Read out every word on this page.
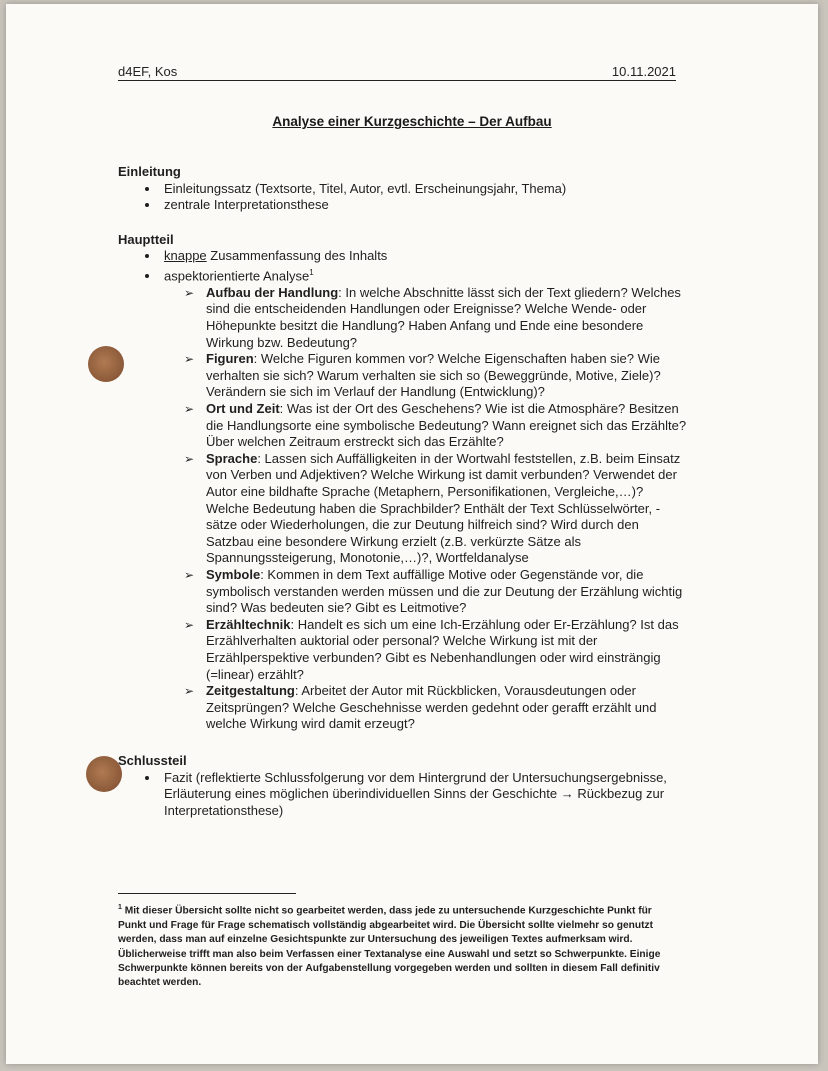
d4EF, Kos	10.11.2021
Analyse einer Kurzgeschichte – Der Aufbau

Einleitung

• Einleitungssatz (Textsorte, Titel, Autor, evtl. Erscheinungsjahr, Thema)
• zentrale Interpretationsthese

Hauptteil

• knappe Zusammenfassung des Inhalts
• aspektorientierte Analyse$^1$
➢ Aufbau der Handlung: In welche Abschnitte lässt sich der Text gliedern? Welches sind die entscheidenden Handlungen oder Ereignisse? Welche Wende- oder Höhepunkte besitzt die Handlung? Haben Anfang und Ende eine besondere Wirkung bzw. Bedeutung?
➢ Figuren: Welche Figuren kommen vor? Welche Eigenschaften haben sie? Wie verhalten sie sich? Warum verhalten sie sich so (Beweggründe, Motive, Ziele)? Verändern sie sich im Verlauf der Handlung (Entwicklung)?
➢ Ort und Zeit: Was ist der Ort des Geschehens? Wie ist die Atmosphäre? Besitzen die Handlungsorte eine symbolische Bedeutung? Wann ereignet sich das Erzählte? Über welchen Zeitraum erstreckt sich das Erzählte?
➢ Sprache: Lassen sich Auffälligkeiten in der Wortwahl feststellen, z.B. beim Einsatz von Verben und Adjektiven? Welche Wirkung ist damit verbunden? Verwendet der Autor eine bildhafte Sprache (Metaphern, Personifikationen, Vergleiche,…)? Welche Bedeutung haben die Sprachbilder? Enthält der Text Schlüsselwörter, -sätze oder Wiederholungen, die zur Deutung hilfreich sind? Wird durch den Satzbau eine besondere Wirkung erzielt (z.B. verkürzte Sätze als Spannungssteigerung, Monotonie,…)?, Wortfeldanalyse
➢ Symbole: Kommen in dem Text auffällige Motive oder Gegenstände vor, die symbolisch verstanden werden müssen und die zur Deutung der Erzählung wichtig sind? Was bedeuten sie? Gibt es Leitmotive?
➢ Erzähltechnik: Handelt es sich um eine Ich-Erzählung oder Er-Erzählung? Ist das Erzählverhalten auktorial oder personal? Welche Wirkung ist mit der Erzählperspektive verbunden? Gibt es Nebenhandlungen oder wird einsträngig (=linear) erzählt?
➢ Zeitgestaltung: Arbeitet der Autor mit Rückblicken, Vorausdeutungen oder Zeitsprüngen? Welche Geschehnisse werden gedehnt oder gerafft erzählt und welche Wirkung wird damit erzeugt?

Schlussteil

• Fazit (reflektierte Schlussfolgerung vor dem Hintergrund der Untersuchungsergebnisse, Erläuterung eines möglichen überindividuellen Sinns der Geschichte → Rückbezug zur Interpretationsthese)
$^1$ Mit dieser Übersicht sollte nicht so gearbeitet werden, dass jede zu untersuchende Kurzgeschichte Punkt für Punkt und Frage für Frage schematisch vollständig abgearbeitet wird. Die Übersicht sollte vielmehr so genutzt werden, dass man auf einzelne Gesichtspunkte zur Untersuchung des jeweiligen Textes aufmerksam wird. Üblicherweise trifft man also beim Verfassen einer Textanalyse eine Auswahl und setzt so Schwerpunkte. Einige Schwerpunkte können bereits von der Aufgabenstellung vorgegeben werden und sollten in diesem Fall definitiv beachtet werden.
